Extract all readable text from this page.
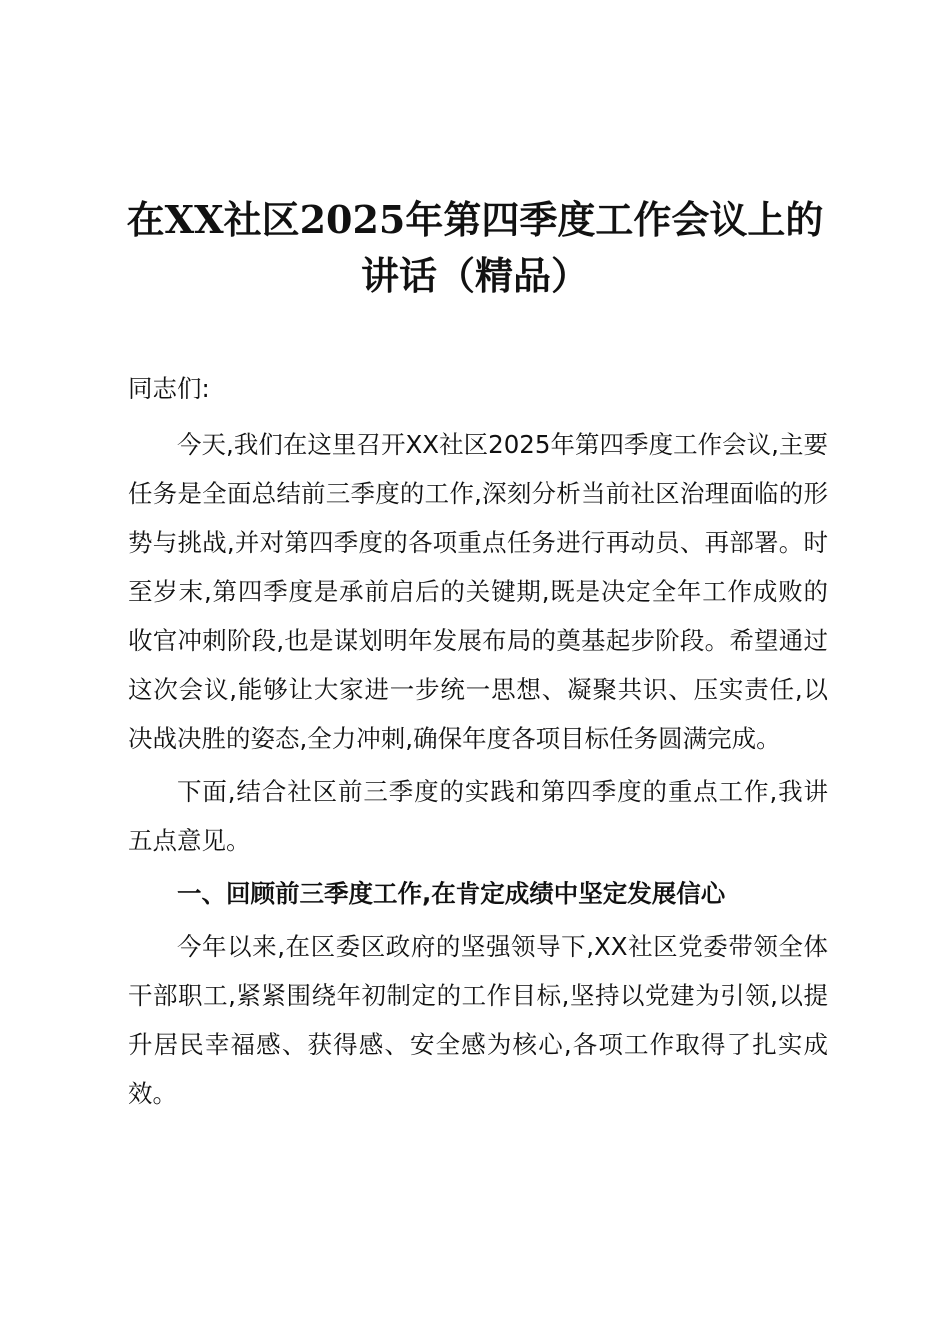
在XX社区2025年第四季度工作会议上的讲话（精品）

同志们:

今天,我们在这里召开XX社区2025年第四季度工作会议,主要任务是全面总结前三季度的工作,深刻分析当前社区治理面临的形势与挑战,并对第四季度的各项重点任务进行再动员、再部署。时至岁末,第四季度是承前启后的关键期,既是决定全年工作成败的收官冲刺阶段,也是谋划明年发展布局的奠基起步阶段。希望通过这次会议,能够让大家进一步统一思想、凝聚共识、压实责任,以决战决胜的姿态,全力冲刺,确保年度各项目标任务圆满完成。

下面,结合社区前三季度的实践和第四季度的重点工作,我讲五点意见。

一、回顾前三季度工作,在肯定成绩中坚定发展信心

今年以来,在区委区政府的坚强领导下,XX社区党委带领全体干部职工,紧紧围绕年初制定的工作目标,坚持以党建为引领,以提升居民幸福感、获得感、安全感为核心,各项工作取得了扎实成效。
